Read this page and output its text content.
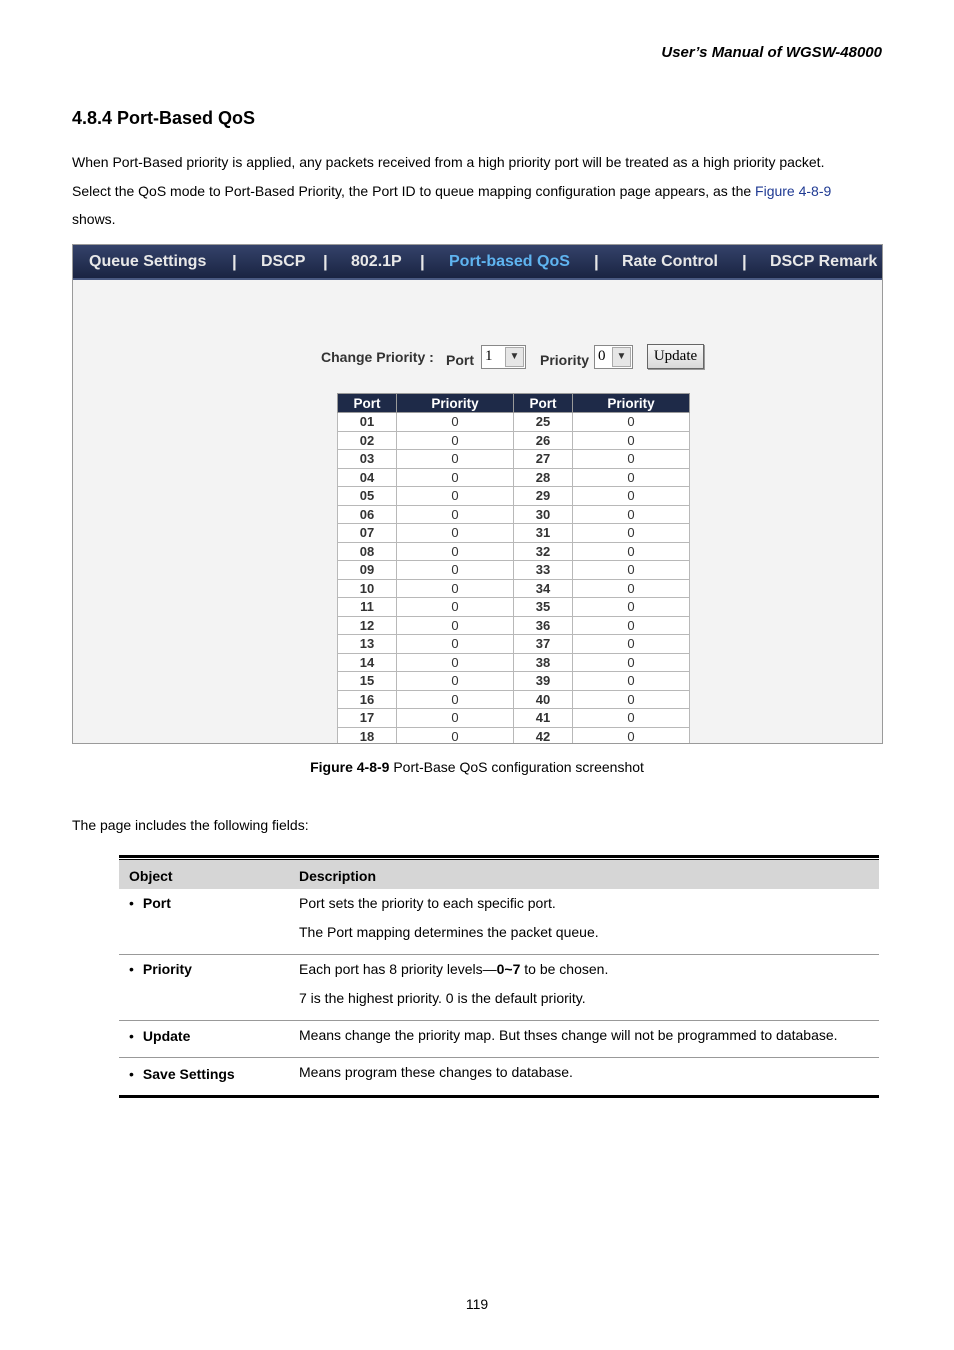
User’s Manual of WGSW-48000
4.8.4 Port-Based QoS
When Port-Based priority is applied, any packets received from a high priority port will be treated as a high priority packet.
Select the QoS mode to Port-Based Priority, the Port ID to queue mapping configuration page appears, as the Figure 4-8-9
shows.
Queue Settings | DSCP | 802.1P | Port-based QoS | Rate Control | DSCP Remark
Change Priority : Port 1	▼	Priority 0	▼	Update
Port	Priority	Port	Priority
01	0	25	0
02	0	26	0
03	0	27	0
04	0	28	0
05	0	29	0
06	0	30	0
07	0	31	0
08	0	32	0
09	0	33	0
10	0	34	0
11	0	35	0
12	0	36	0
13	0	37	0
14	0	38	0
15	0	39	0
16	0	40	0
17	0	41	0
18	0	42	0
Figure 4-8-9 Port-Base QoS configuration screenshot
The page includes the following fields:
Object	Description
• Port	Port sets the priority to each specific port.
The Port mapping determines the packet queue.
• Priority	Each port has 8 priority levels—0~7 to be chosen.
7 is the highest priority. 0 is the default priority.
• Update	Means change the priority map. But thses change will not be programmed to database.
• Save Settings	Means program these changes to database.
119
